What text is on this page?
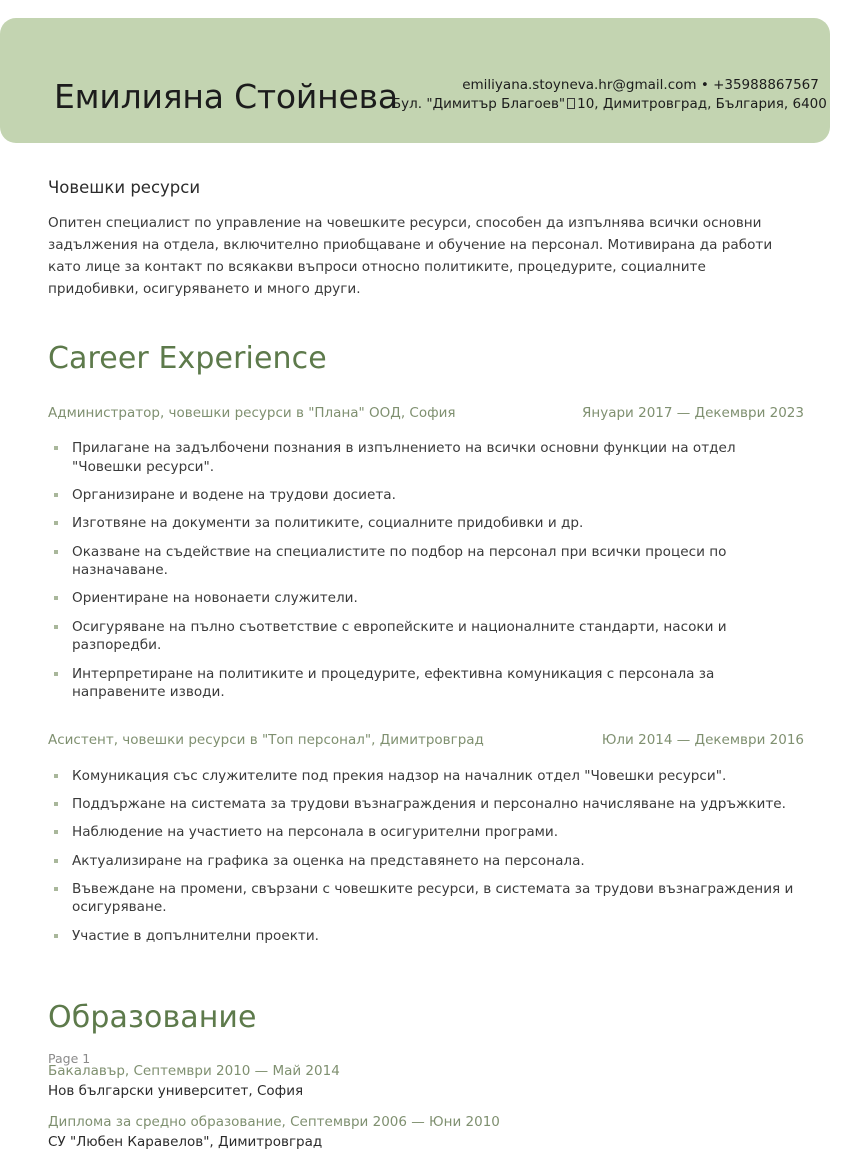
Емилияна Стойнева	emiliyana.stoyneva.hr@gmail.com • +35988867567
Бул. "Димитър Благоев" 10, Димитровград, България, 6400
Човешки ресурси

Опитен специалист по управление на човешките ресурси, способен да изпълнява всички основни задължения на отдела, включително приобщаване и обучение на персонал. Мотивирана да работи като лице за контакт по всякакви въпроси относно политиките, процедурите, социалните придобивки, осигуряването и много други.

Career Experience
Администратор, човешки ресурси в "Плана" ООД, София	Януари 2017 — Декември 2023
Прилагане на задълбочени познания в изпълнението на всички основни функции на отдел "Човешки ресурси".
Организиране и водене на трудови досиета.
Изготвяне на документи за политиките, социалните придобивки и др.
Оказване на съдействие на специалистите по подбор на персонал при всички процеси по назначаване.
Ориентиране на новонаети служители.
Осигуряване на пълно съответствие с европейските и националните стандарти, насоки и разпоредби.
Интерпретиране на политиките и процедурите, ефективна комуникация с персонала за направените изводи.
Асистент, човешки ресурси в "Топ персонал", Димитровград	Юли 2014 — Декември 2016
Комуникация със служителите под прекия надзор на началник отдел "Човешки ресурси".
Поддържане на системата за трудови възнаграждения и персонално начисляване на удръжките.
Наблюдение на участието на персонала в осигурителни програми.
Актуализиране на графика за оценка на представянето на персонала.
Въвеждане на промени, свързани с човешките ресурси, в системата за трудови възнаграждения и осигуряване.
Участие в допълнителни проекти.
Образование
Бакалавър, Септември 2010 — Май 2014
Нов български университет, София
Диплома за средно образование, Септември 2006 — Юни 2010
СУ "Любен Каравелов", Димитровград
Page 1
